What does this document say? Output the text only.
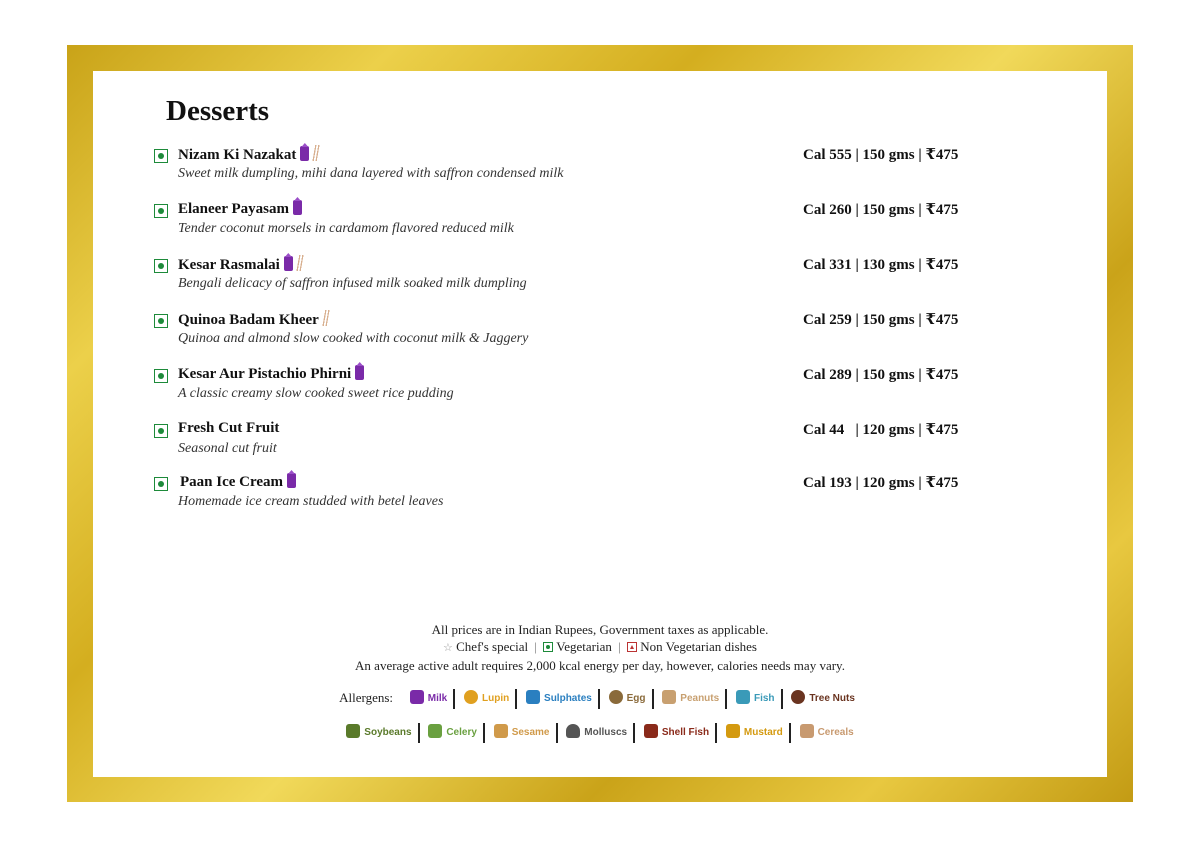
Desserts
Nizam Ki Nazakat
Sweet milk dumpling, mihi dana layered with saffron condensed milk
Cal 555 | 150 gms | ₹475
Elaneer Payasam
Tender coconut morsels in cardamom flavored reduced milk
Cal 260 | 150 gms | ₹475
Kesar Rasmalai
Bengali delicacy of saffron infused milk soaked milk dumpling
Cal 331 | 130 gms | ₹475
Quinoa Badam Kheer
Quinoa and almond slow cooked with coconut milk & Jaggery
Cal 259 | 150 gms | ₹475
Kesar Aur Pistachio Phirni
A classic creamy slow cooked sweet rice pudding
Cal 289 | 150 gms | ₹475
Fresh Cut Fruit
Seasonal cut fruit
Cal 44   | 120 gms | ₹475
Paan Ice Cream
Homemade ice cream studded with betel leaves
Cal 193 | 120 gms | ₹475
All prices are in Indian Rupees, Government taxes as applicable.
☆ Chef's special | Vegetarian | Non Vegetarian dishes
An average active adult requires 2,000 kcal energy per day, however, calories needs may vary.
Allergens:	Milk	Lupin	Sulphates	Egg	Peanuts	Fish	Tree Nuts
Soybeans	Celery	Sesame	Molluscs	Shell Fish	Mustard	Cereals
